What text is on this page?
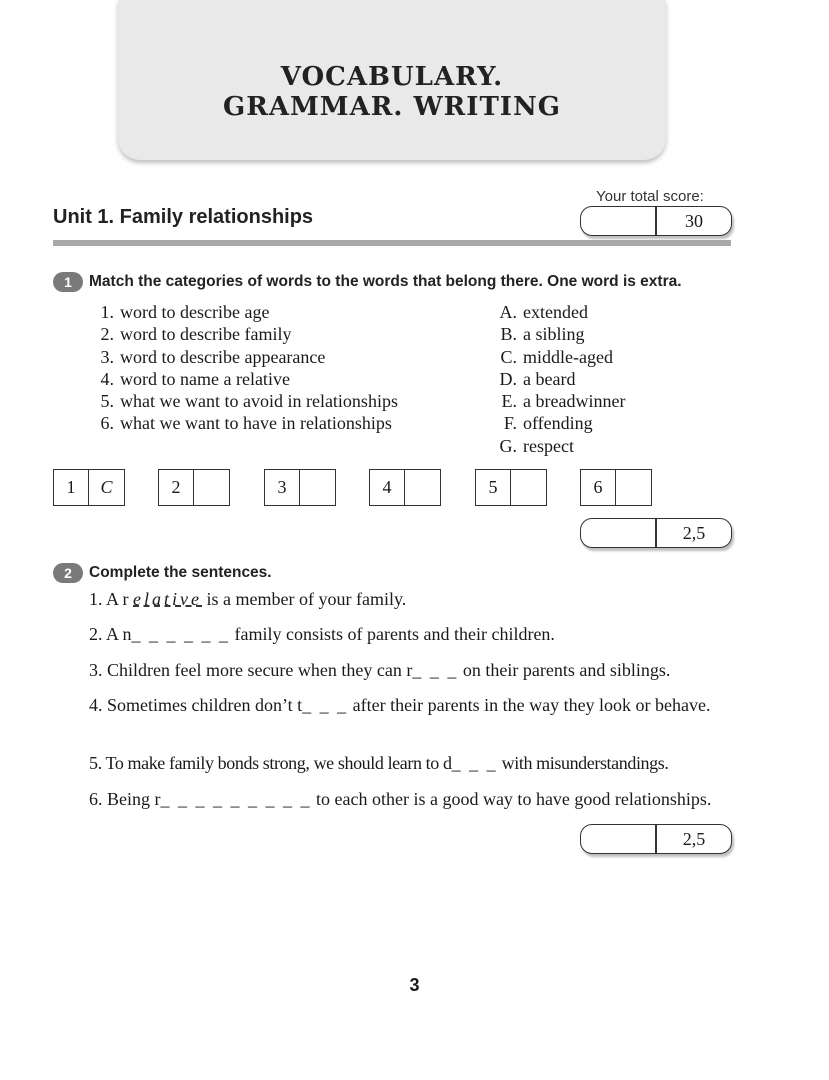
VOCABULARY.
GRAMMAR. WRITING
Your total score:
Unit 1. Family relationships	30
1	Match the categories of words to the words that belong there. One word is extra.
1. word to describe age
2. word to describe family
3. word to describe appearance
4. word to name a relative
5. what we want to avoid in relationships
6. what we want to have in relationships
A. extended
B. a sibling
C. middle-aged
D. a beard
E. a breadwinner
F. offending
G. respect
1	C	2	3	4	5	6
2,5
2	Complete the sentences.

1. A r elative is a member of your family.

2. A n_ _ _ _ _ _ family consists of parents and their children.

3. Children feel more secure when they can r_ _ _ on their parents and siblings.

4. Sometimes children don’t t_ _ _ after their parents in the way they look or behave.

5. To make family bonds strong, we should learn to d_ _ _ with misunderstandings.

6. Being r_ _ _ _ _ _ _ _ _ to each other is a good way to have good relationships.

2,5
3
